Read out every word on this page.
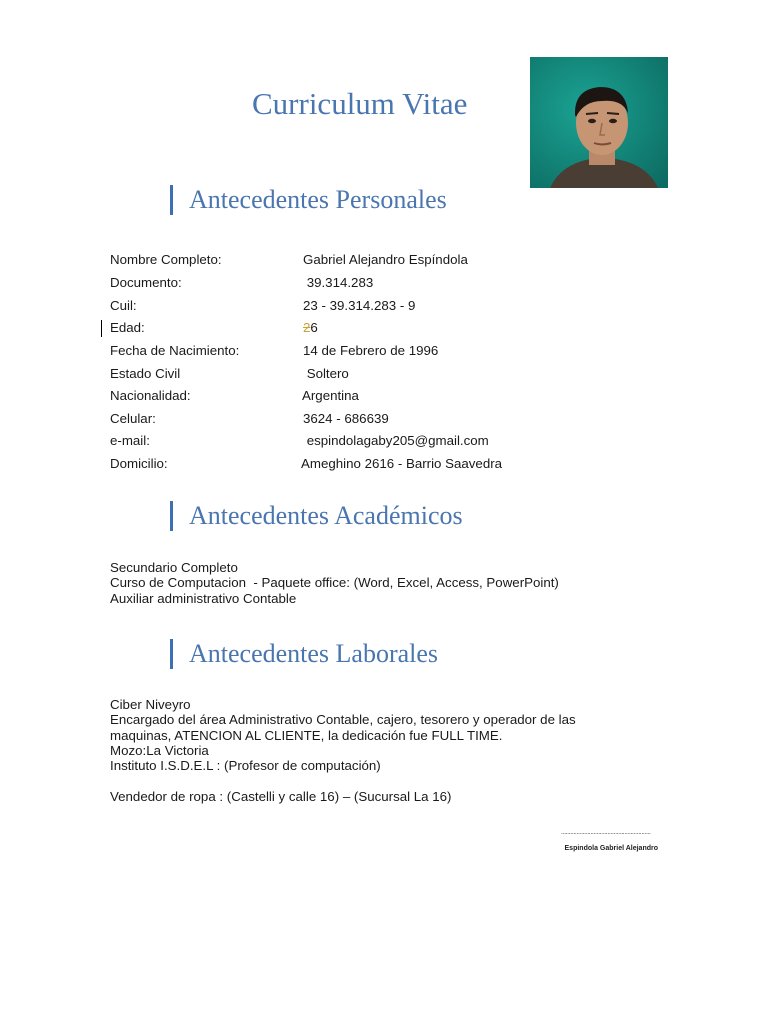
Curriculum Vitae
Antecedentes Personales
Nombre Completo:	Gabriel Alejandro Espíndola
Documento:	39.314.283
Cuil:	23 - 39.314.283 - 9
Edad:	26
Fecha de Nacimiento:	14 de Febrero de 1996
Estado Civil	Soltero
Nacionalidad:	Argentina
Celular:	3624 - 686639
e-mail:	espindolagaby205@gmail.com
Domicilio:	Ameghino 2616 - Barrio Saavedra
Antecedentes Académicos
Secundario Completo
Curso de Computacion  - Paquete office: (Word, Excel, Access, PowerPoint)
Auxiliar administrativo Contable
Antecedentes Laborales
Ciber Niveyro
Encargado del área Administrativo Contable, cajero, tesorero y operador de las
maquinas, ATENCION AL CLIENTE, la dedicación fue FULL TIME.
Mozo:La Victoria
Instituto I.S.D.E.L : (Profesor de computación)
Vendedor de ropa : (Castelli y calle 16) – (Sucursal La 16)
..........................................................
Espindola Gabriel Alejandro
